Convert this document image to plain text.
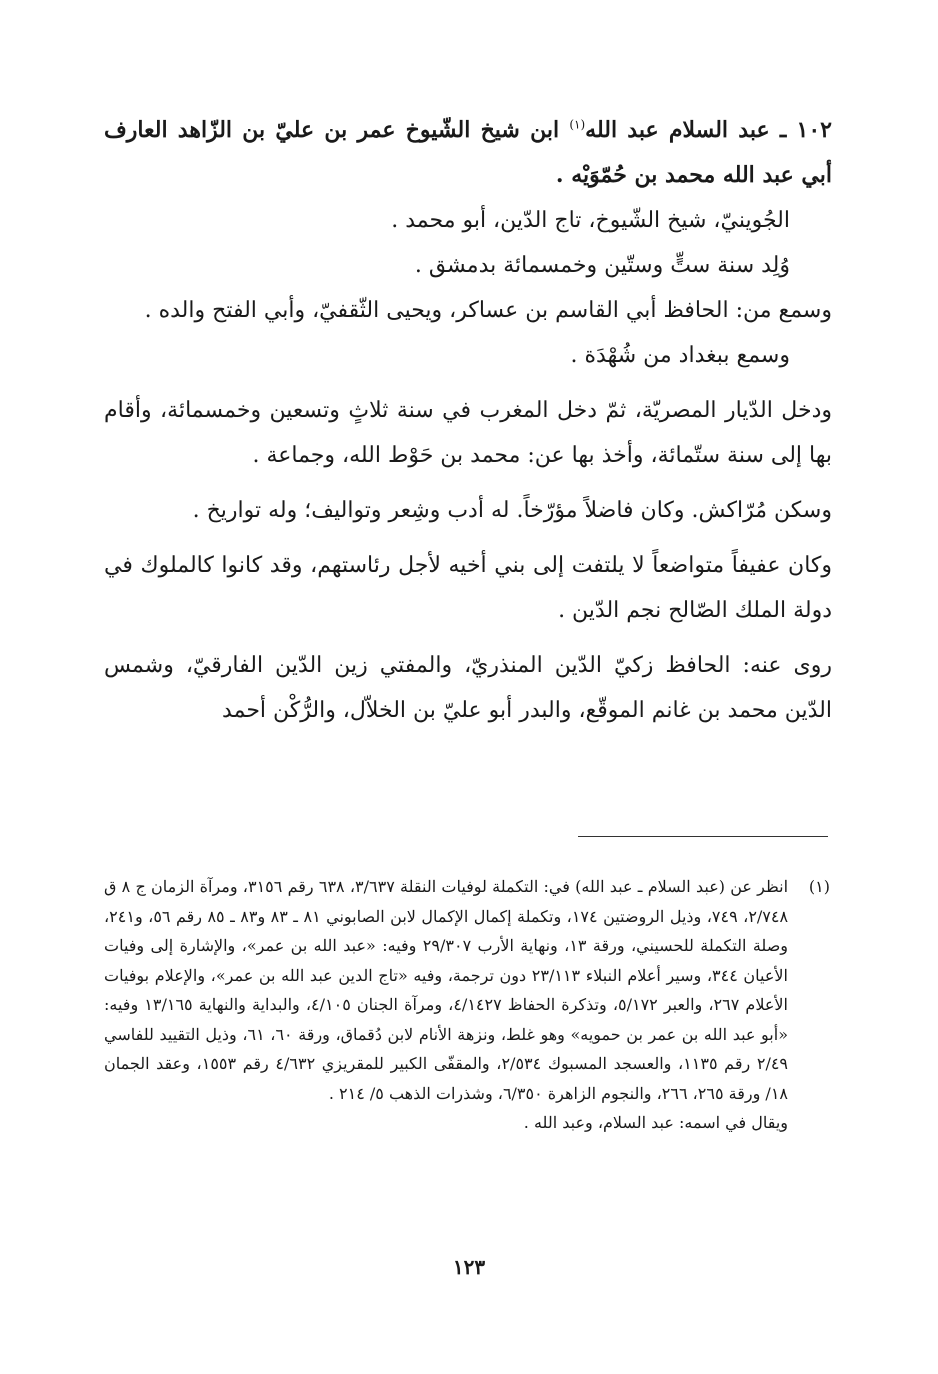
١٠٢ ـ عبد السلام عبد الله$^{(١)}$ ابن شيخ الشّيوخ عمر بن عليّ بن الزّاهد العارف أبي عبد الله محمد بن حُمّوَيْه .

الجُوينيّ، شيخ الشّيوخ، تاج الدّين، أبو محمد .

وُلِد سنة ستٍّ وستّين وخمسمائة بدمشق .

وسمع من: الحافظ أبي القاسم بن عساكر، ويحيى الثّقفيّ، وأبي الفتح والده .

وسمع ببغداد من شُهْدَة .

ودخل الدّيار المصريّة، ثمّ دخل المغرب في سنة ثلاثٍ وتسعين وخمسمائة، وأقام بها إلى سنة ستّمائة، وأخذ بها عن: محمد بن حَوْط الله، وجماعة .

وسكن مُرّاكش. وكان فاضلاً مؤرّخاً. له أدب وشِعر وتواليف؛ وله تواريخ .

وكان عفيفاً متواضعاً لا يلتفت إلى بني أخيه لأجل رئاستهم، وقد كانوا كالملوك في دولة الملك الصّالح نجم الدّين .

روى عنه: الحافظ زكيّ الدّين المنذريّ، والمفتي زين الدّين الفارقيّ، وشمس الدّين محمد بن غانم الموقّع، والبدر أبو عليّ بن الخلاّل، والرُّكْن أحمد

(١)

انظر عن (عبد السلام ـ عبد الله) في: التكملة لوفيات النقلة ٣/٦٣٧، ٦٣٨ رقم ٣١٥٦، ومرآة الزمان ج ٨ ق ٢/٧٤٨، ٧٤٩، وذيل الروضتين ١٧٤، وتكملة إكمال الإكمال لابن الصابوني ٨١ ـ ٨٣ و٨٣ ـ ٨٥ رقم ٥٦، و٢٤١، وصلة التكملة للحسيني، ورقة ١٣، ونهاية الأرب ٢٩/٣٠٧ وفيه: «عبد الله بن عمر»، والإشارة إلى وفيات الأعيان ٣٤٤، وسير أعلام النبلاء ٢٣/١١٣ دون ترجمة، وفيه «تاج الدين عبد الله بن عمر»، والإعلام بوفيات الأعلام ٢٦٧، والعبر ٥/١٧٢، وتذكرة الحفاظ ٤/١٤٢٧، ومرآة الجنان ٤/١٠٥، والبداية والنهاية ١٣/١٦٥ وفيه: «أبو عبد الله بن عمر بن حمويه» وهو غلط، ونزهة الأنام لابن دُقماق، ورقة ٦٠، ٦١، وذيل التقييد للفاسي ٢/٤٩ رقم ١١٣٥، والعسجد المسبوك ٢/٥٣٤، والمقفّى الكبير للمقريزي ٤/٦٣٢ رقم ١٥٥٣، وعقد الجمان ١٨/ ورقة ٢٦٥، ٢٦٦، والنجوم الزاهرة ٦/٣٥٠، وشذرات الذهب ٥/ ٢١٤ .

ويقال في اسمه: عبد السلام، وعبد الله .

١٢٣
